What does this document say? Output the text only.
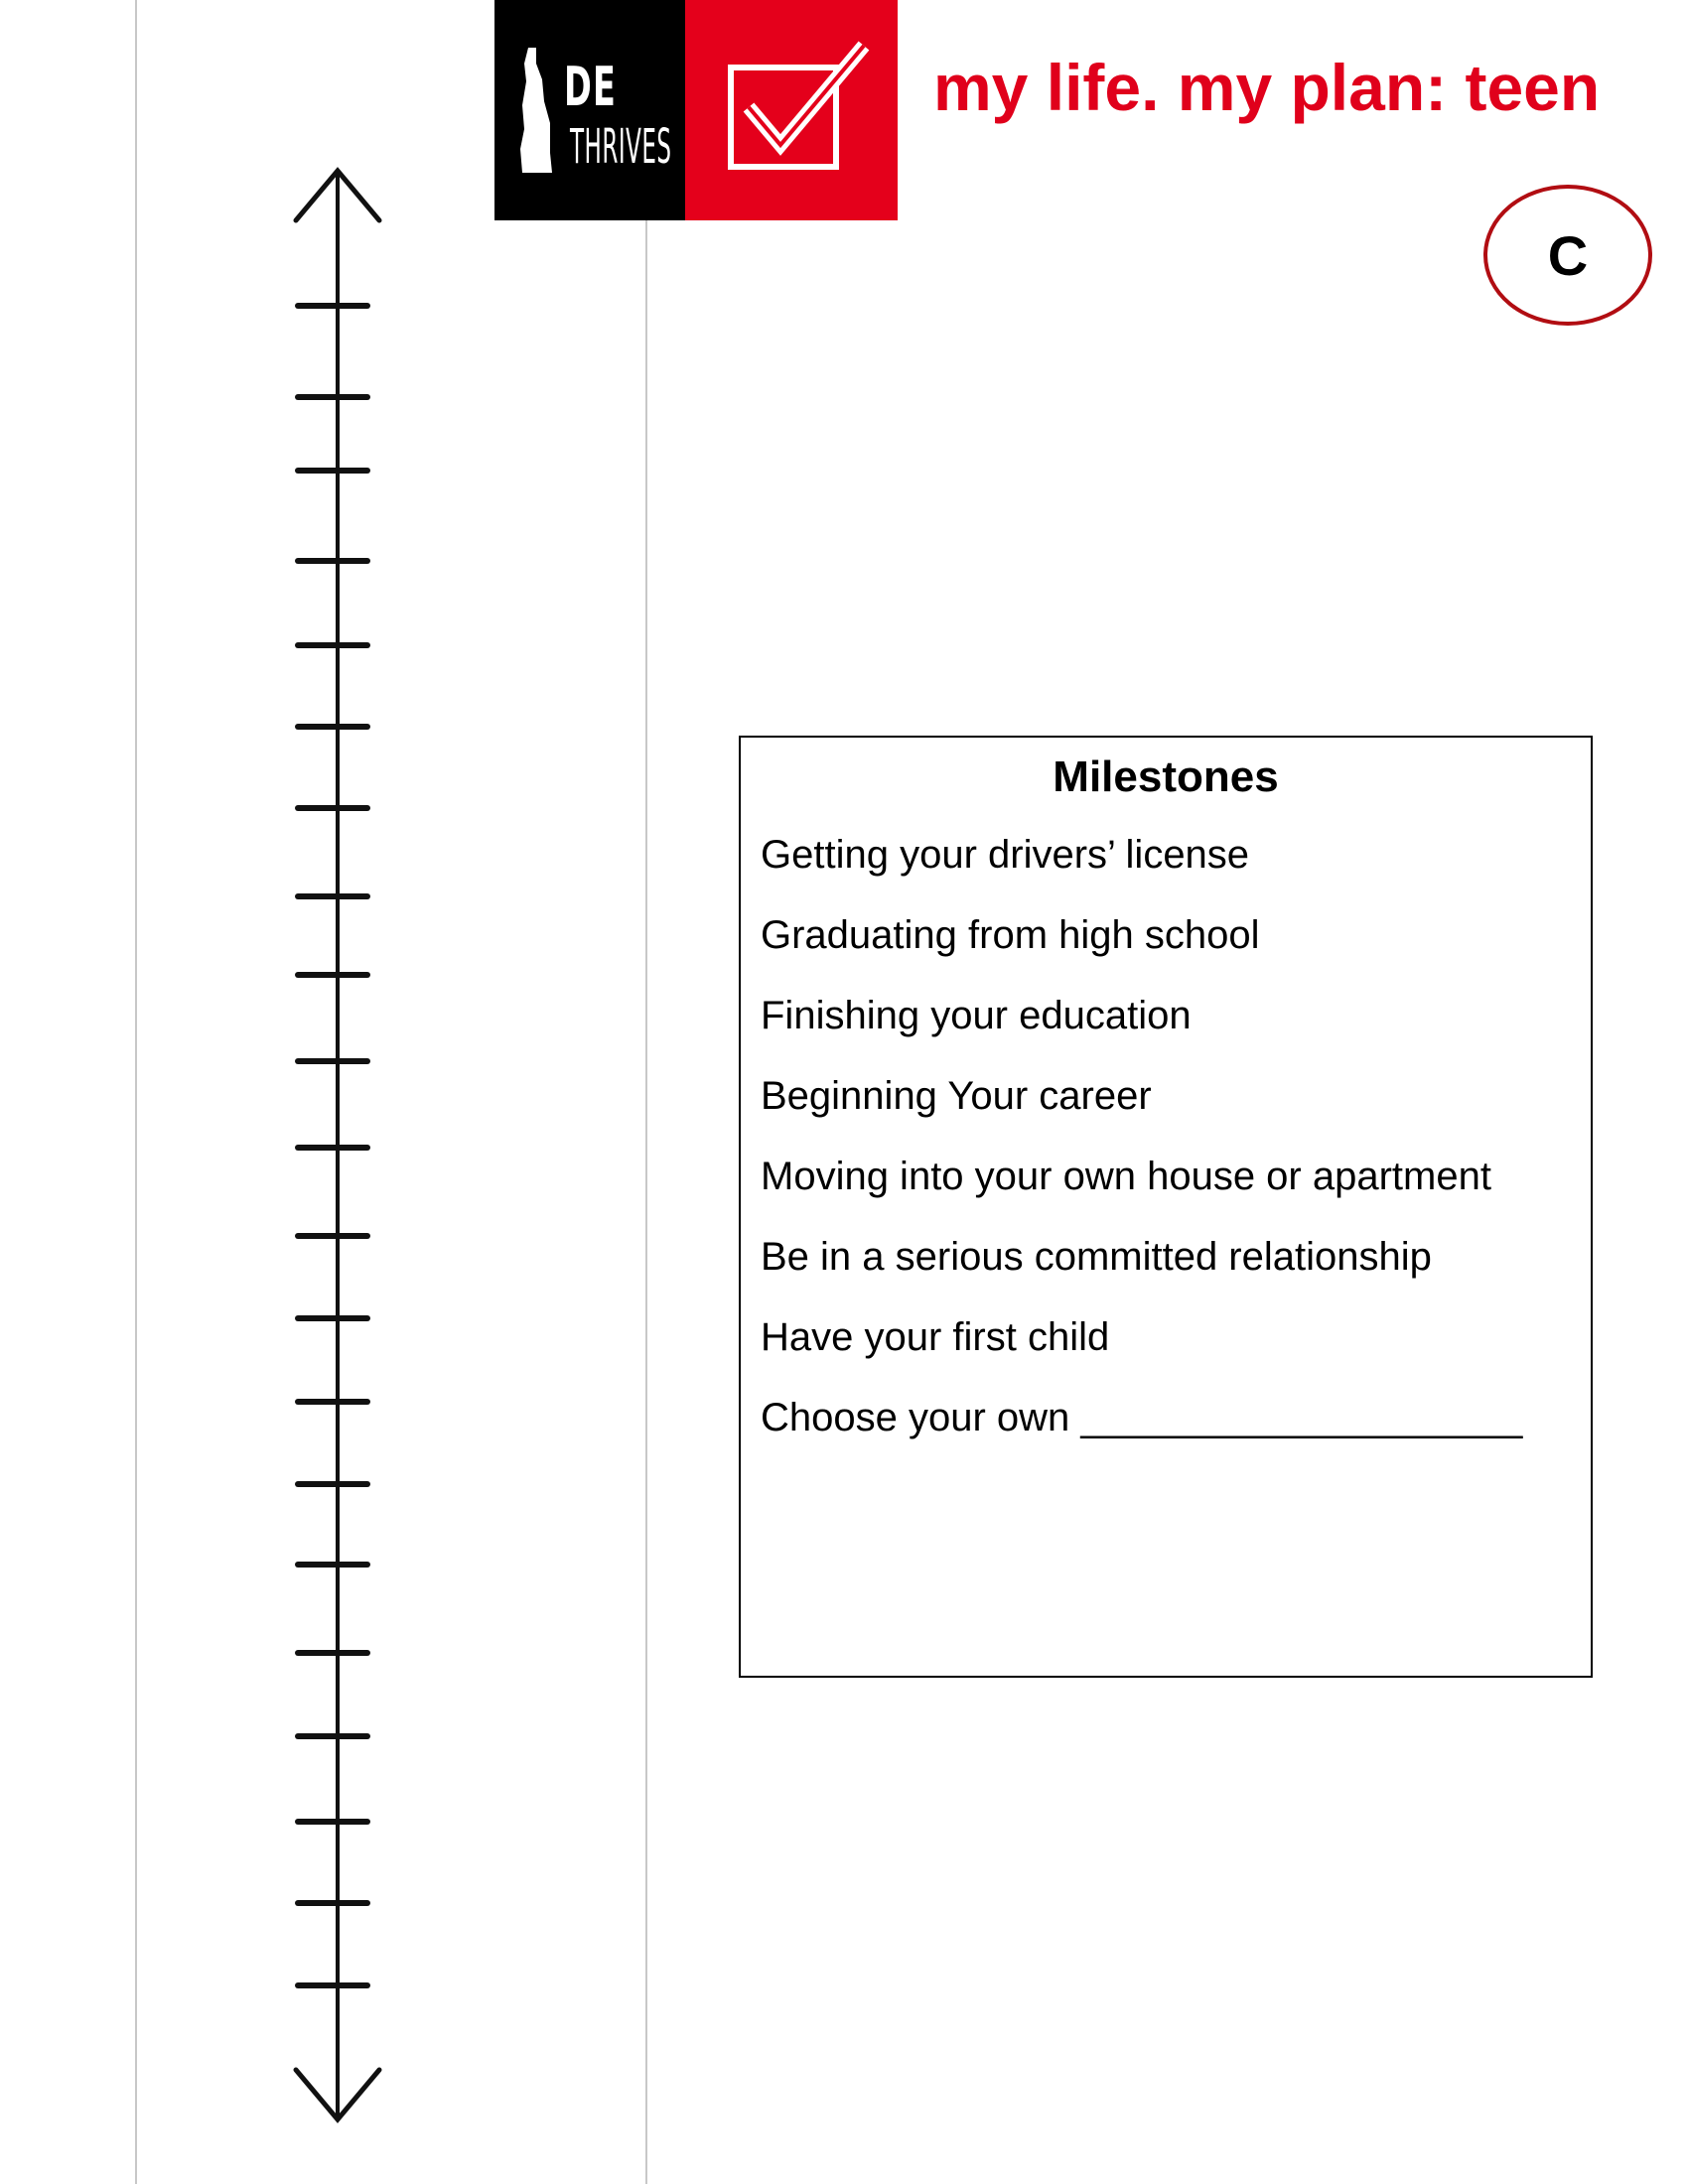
DE
THRIVES
my life. my plan: teen
C
Milestones
Getting your drivers’ license
Graduating from high school
Finishing your education
Beginning Your career
Moving into your own house or apartment
Be in a serious committed relationship
Have your first child
Choose your own ____________________
